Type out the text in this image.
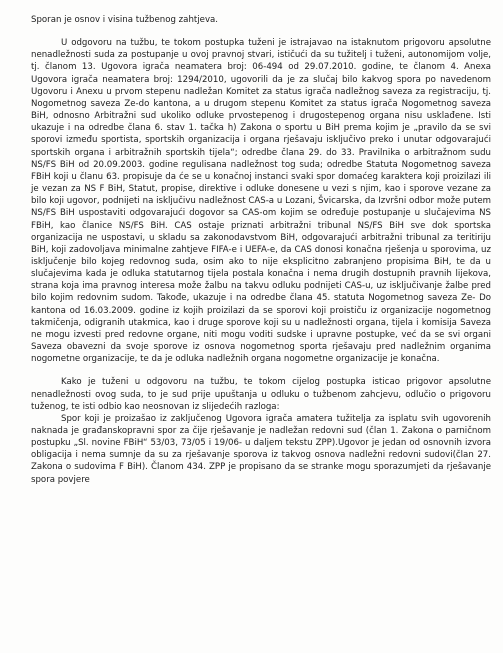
Sporan je osnov i visina tužbenog zahtjeva.

U odgovoru na tužbu, te tokom postupka tuženi je istrajavao na istaknutom prigovoru apsolutne nenadležnosti suda za postupanje u ovoj pravnoj stvari, ističući da su tužitelj i tuženi, autonomijom volje, tj. članom 13. Ugovora igrača neamatera broj: 06-494 od 29.07.2010. godine, te članom 4. Anexa Ugovora igrača neamatera broj: 1294/2010, ugovorili da je za slučaj bilo kakvog spora po navedenom Ugovoru i Anexu u prvom stepenu nadležan Komitet za status igrača nadležnog saveza za registraciju, tj. Nogometnog saveza Ze-do kantona, a u drugom stepenu Komitet za status igrača Nogometnog saveza BiH, odnosno Arbitražni sud ukoliko odluke prvostepenog i drugostepenog organa nisu usklađene. Isti ukazuje i na odredbe člana 6. stav 1. tačka h) Zakona o sportu u BiH prema kojim je „pravilo da se svi sporovi između sportista, sportskih organizacija i organa rješavaju isključivo preko i unutar odgovarajući sportskih organa i arbitražnih sportskih tijela“; odredbe člana 29. do 33. Pravilnika o arbitražnom sudu NS/FS BiH od 20.09.2003. godine regulisana nadležnost tog suda; odredbe Statuta Nogometnog saveza FBiH koji u članu 63. propisuje da će se u konačnoj instanci svaki spor domaćeg karaktera koji proizilazi ili je vezan za NS F BiH, Statut, propise, direktive i odluke donesene u vezi s njim, kao i sporove vezane za bilo koji ugovor, podnijeti na isključivu nadležnost CAS-a u Lozani, Švicarska, da Izvršni odbor može putem NS/FS BiH uspostaviti odgovarajući dogovor sa CAS-om kojim se određuje postupanje u slučajevima NS FBiH, kao članice NS/FS BiH. CAS ostaje priznati arbitražni tribunal NS/FS BiH sve dok sportska organizacija ne uspostavi, u skladu sa zakonodavstvom BiH, odgovarajući arbitražni tribunal za teritiriju BiH, koji zadovoljava minimalne zahtjeve FIFA-e i UEFA-e, da CAS donosi konačna rješenja u sporovima, uz isključenje bilo kojeg redovnog suda, osim ako to nije eksplicitno zabranjeno propisima BiH, te da u slučajevima kada je odluka statutarnog tijela postala konačna i nema drugih dostupnih pravnih lijekova, strana koja ima pravnog interesa može žalbu na takvu odluku podnijeti CAS-u, uz isključivanje žalbe pred bilo kojim redovnim sudom. Takođe, ukazuje i na odredbe člana 45. statuta Nogometnog saveza Ze- Do kantona od 16.03.2009. godine iz kojih proizilazi da se sporovi koji proističu iz organizacije nogometnog takmičenja, odigranih utakmica, kao i druge sporove koji su u nadležnosti organa, tijela i komisija Saveza ne mogu izvesti pred redovne organe, niti mogu voditi sudske i upravne postupke, već da se svi organi Saveza obavezni da svoje sporove iz osnova nogometnog sporta rješavaju pred nadležnim organima nogometne organizacije, te da je odluka nadležnih organa nogometne organizacije je konačna.

Kako je tuženi u odgovoru na tužbu, te tokom cijelog postupka isticao prigovor apsolutne nenadležnosti ovog suda, to je sud prije upuštanja u odluku o tužbenom zahcjevu, odlučio o prigovoru tuženog, te isti odbio kao neosnovan iz slijedećih razloga:

Spor koji je proizašao iz zaključenog Ugovora igrača amatera tužitelja za isplatu svih ugovorenih naknada je građanskopravni spor za čije rješavanje je nadležan redovni sud (član 1. Zakona o parničnom postupku „Sl. novine FBiH“ 53/03, 73/05 i 19/06- u daljem tekstu ZPP).Ugovor je jedan od osnovnih izvora obligacija i nema sumnje da su za rješavanje sporova iz takvog osnova nadležni redovni sudovi(član 27. Zakona o sudovima F BiH). Članom 434. ZPP je propisano da se stranke mogu sporazumjeti da rješavanje spora povjere
